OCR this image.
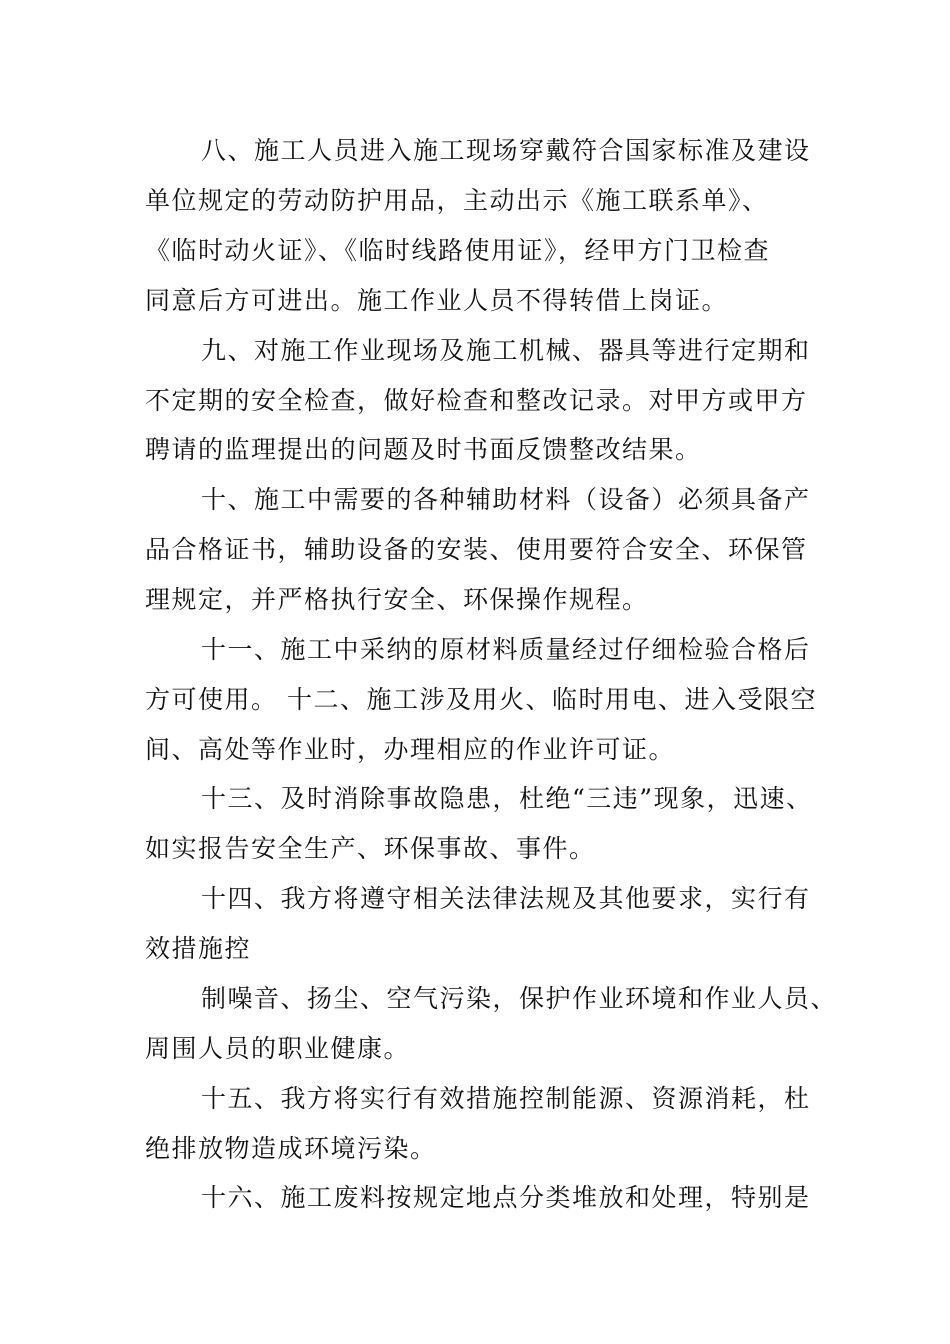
八、施工人员进入施工现场穿戴符合国家标准及建设
单位规定的劳动防护用品，主动出示《施工联系单》、
《临时动火证》、《临时线路使用证》，经甲方门卫检查
同意后方可进出。施工作业人员不得转借上岗证。
九、对施工作业现场及施工机械、器具等进行定期和
不定期的安全检查，做好检查和整改记录。对甲方或甲方
聘请的监理提出的问题及时书面反馈整改结果。
十、施工中需要的各种辅助材料（设备）必须具备产
品合格证书，辅助设备的安装、使用要符合安全、环保管
理规定，并严格执行安全、环保操作规程。
十一、施工中采纳的原材料质量经过仔细检验合格后
方可使用。 十二、施工涉及用火、临时用电、进入受限空
间、高处等作业时，办理相应的作业许可证。
十三、及时消除事故隐患，杜绝“三违”现象，迅速、
如实报告安全生产、环保事故、事件。
十四、我方将遵守相关法律法规及其他要求，实行有
效措施控
制噪音、扬尘、空气污染，保护作业环境和作业人员、
周围人员的职业健康。
十五、我方将实行有效措施控制能源、资源消耗，杜
绝排放物造成环境污染。
十六、施工废料按规定地点分类堆放和处理，特别是
